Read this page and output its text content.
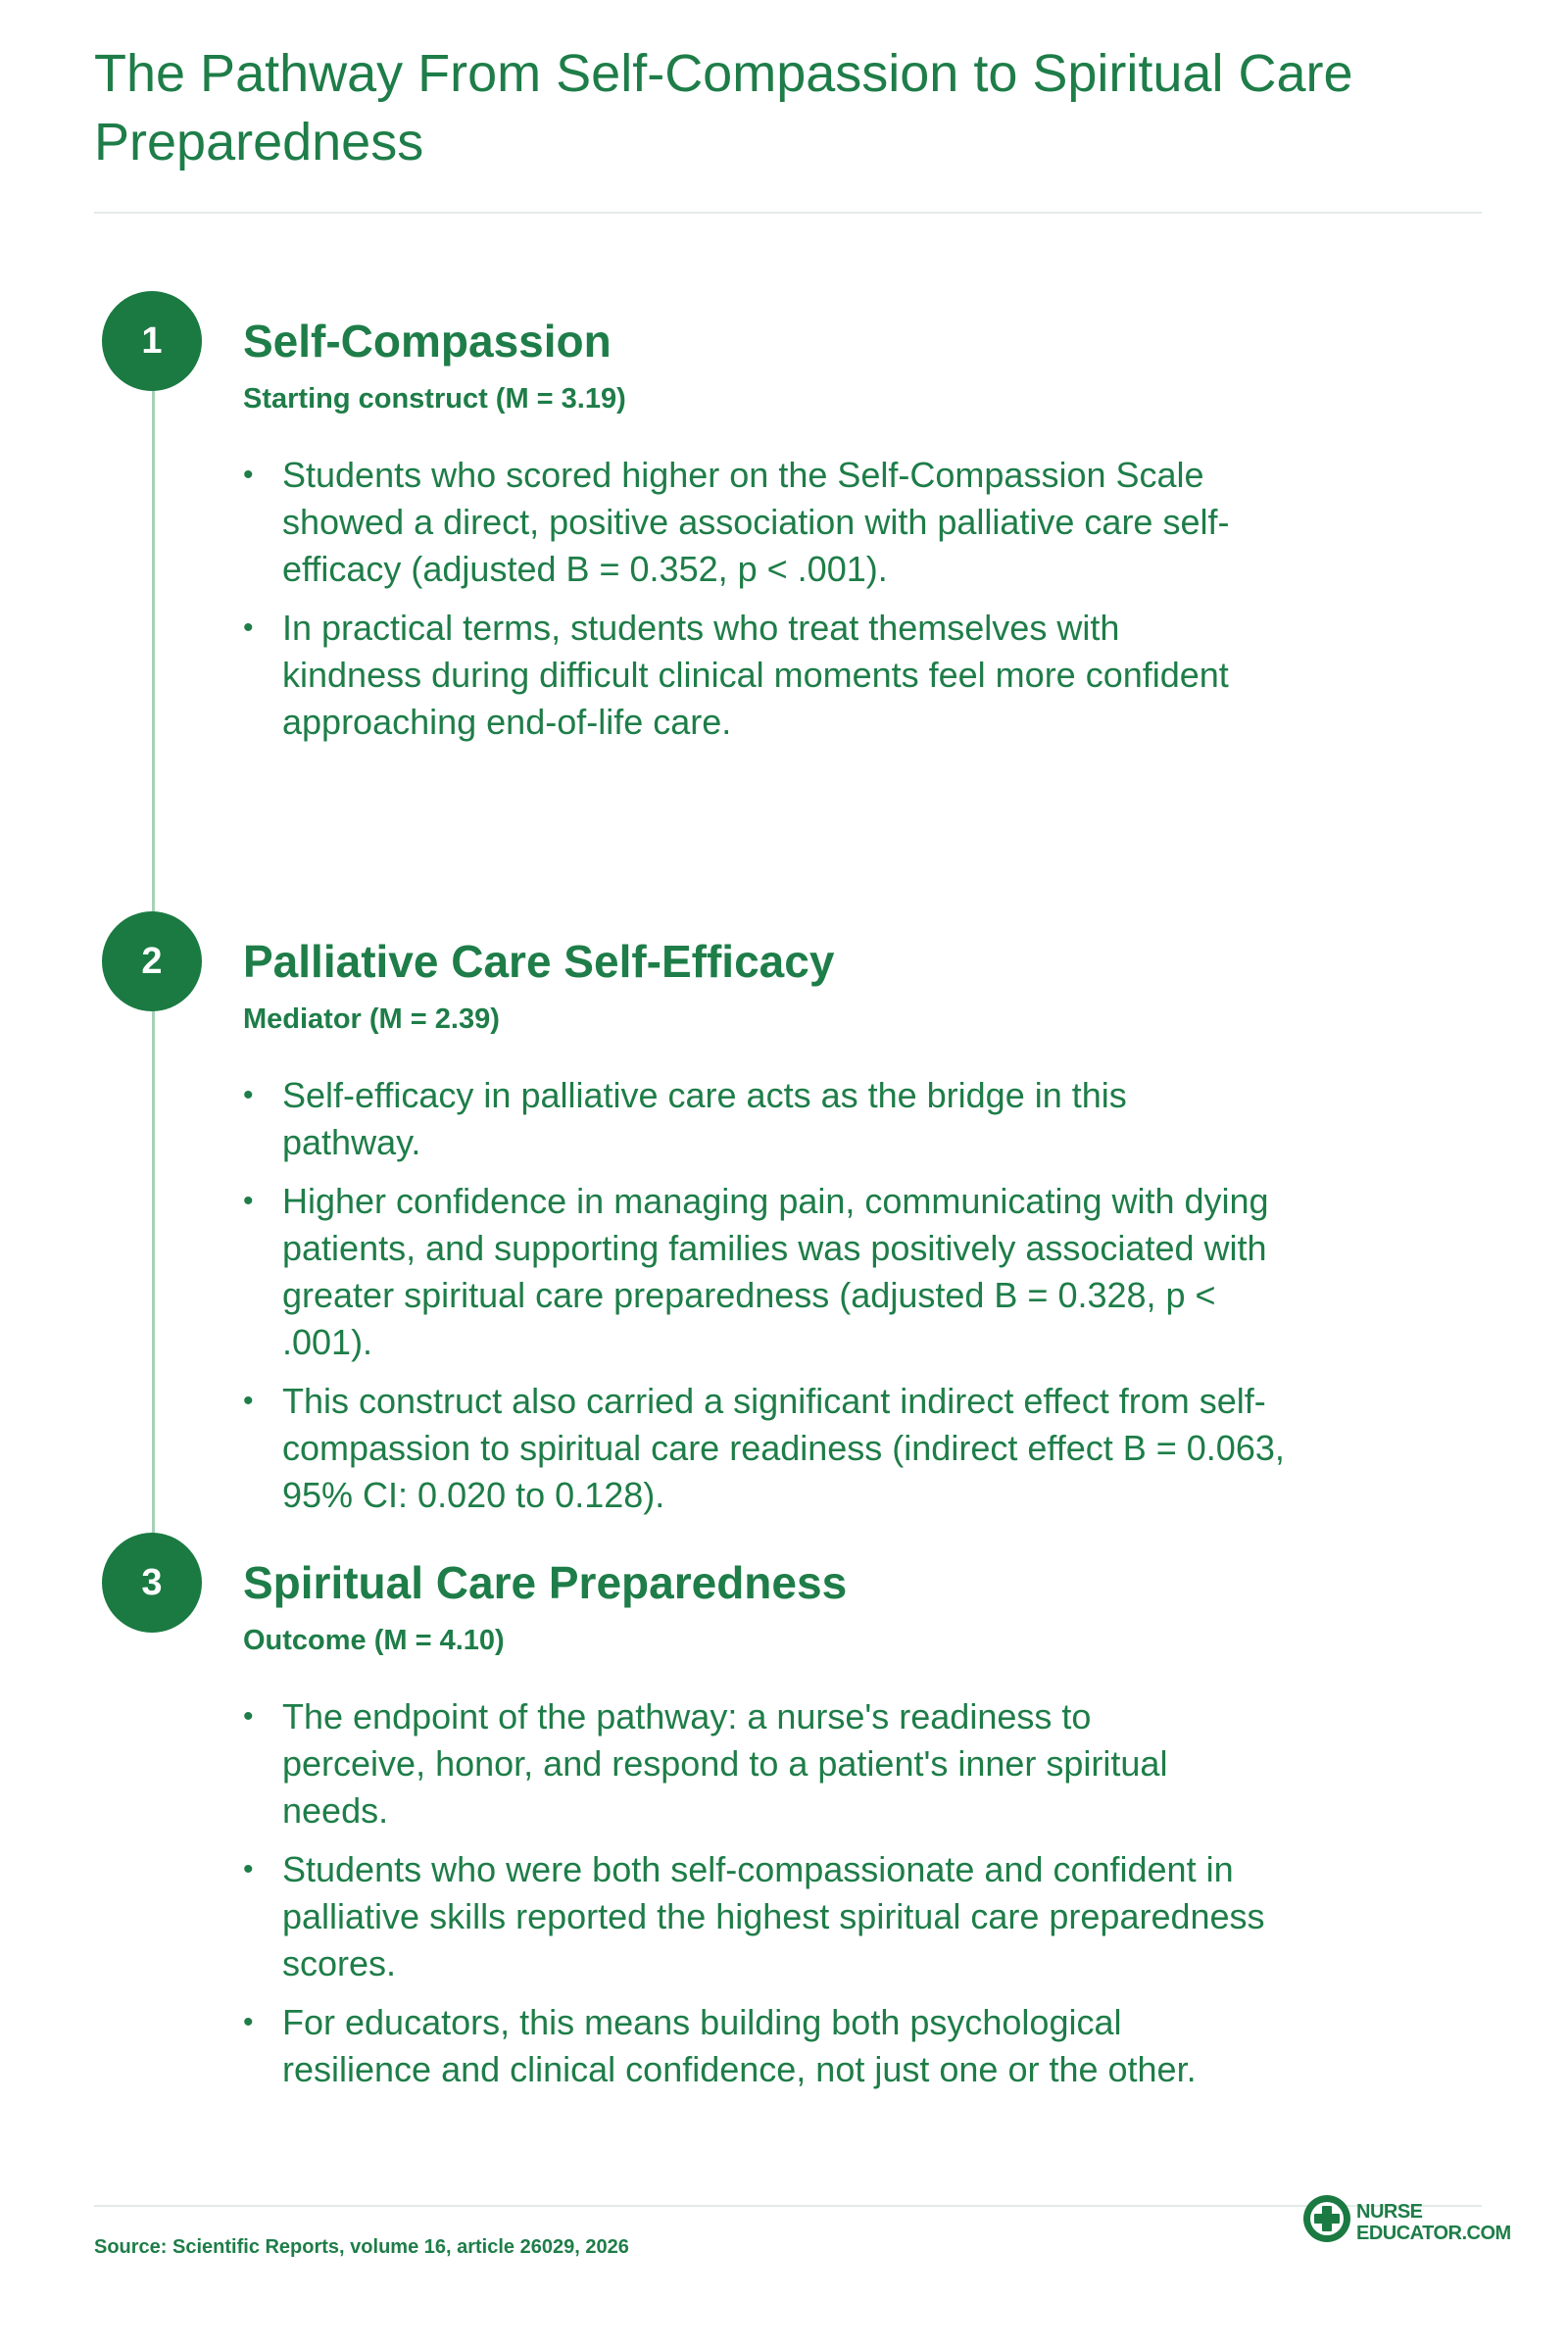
The Pathway From Self-Compassion to Spiritual Care Preparedness
1	Self-Compassion
Starting construct (M = 3.19)
• Students who scored higher on the Self-Compassion Scale showed a direct, positive association with palliative care self-efficacy (adjusted B = 0.352, p < .001).
• In practical terms, students who treat themselves with kindness during difficult clinical moments feel more confident approaching end-of-life care.
2	Palliative Care Self-Efficacy
Mediator (M = 2.39)
• Self-efficacy in palliative care acts as the bridge in this pathway.
• Higher confidence in managing pain, communicating with dying patients, and supporting families was positively associated with greater spiritual care preparedness (adjusted B = 0.328, p < .001).
• This construct also carried a significant indirect effect from self-compassion to spiritual care readiness (indirect effect B = 0.063, 95% CI: 0.020 to 0.128).
3	Spiritual Care Preparedness
Outcome (M = 4.10)
• The endpoint of the pathway: a nurse's readiness to perceive, honor, and respond to a patient's inner spiritual needs.
• Students who were both self-compassionate and confident in palliative skills reported the highest spiritual care preparedness scores.
• For educators, this means building both psychological resilience and clinical confidence, not just one or the other.
Source: Scientific Reports, volume 16, article 26029, 2026
NURSE
EDUCATOR.COM
